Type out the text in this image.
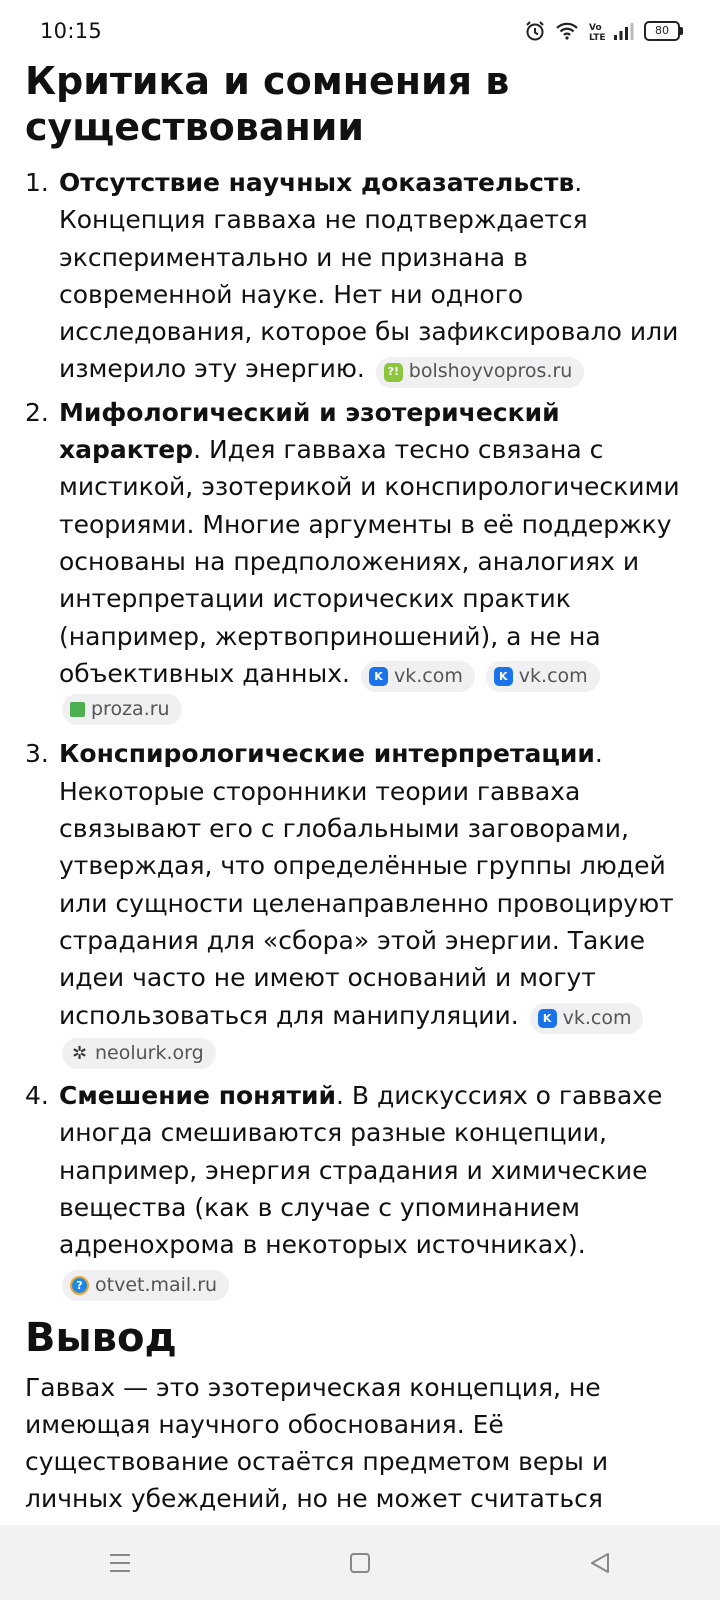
10:15	Vo
LTE
80
Критика и сомнения в существовании
1. Отсутствие научных доказательств. Концепция гавваха не подтверждается экспериментально и не признана в современной науке. Нет ни одного исследования, которое бы зафиксировало или измерило эту энергию.	?! bolshoyvopros.ru
2. Мифологический и эзотерический характер. Идея гавваха тесно связана с мистикой, эзотерикой и конспирологическими теориями. Многие аргументы в её поддержку основаны на предположениях, аналогиях и интерпретации исторических практик (например, жертвоприношений), а не на объективных данных.	K vk.com
	K vk.com

proza.ru
3. Конспирологические интерпретации. Некоторые сторонники теории гавваха связывают его с глобальными заговорами, утверждая, что определённые группы людей или сущности целенаправленно провоцируют страдания для «сбора» этой энергии. Такие идеи часто не имеют оснований и могут использоваться для манипуляции.	K vk.com

✲ neolurk.org
4. Смешение понятий. В дискуссиях о гаввахе иногда смешиваются разные концепции, например, энергия страдания и химические вещества (как в случае с упоминанием адренохрома в некоторых источниках).
? otvet.mail.ru
Вывод

Гаввах — это эзотерическая концепция, не имеющая научного обоснования. Её существование остаётся предметом веры и личных убеждений, но не может считаться
